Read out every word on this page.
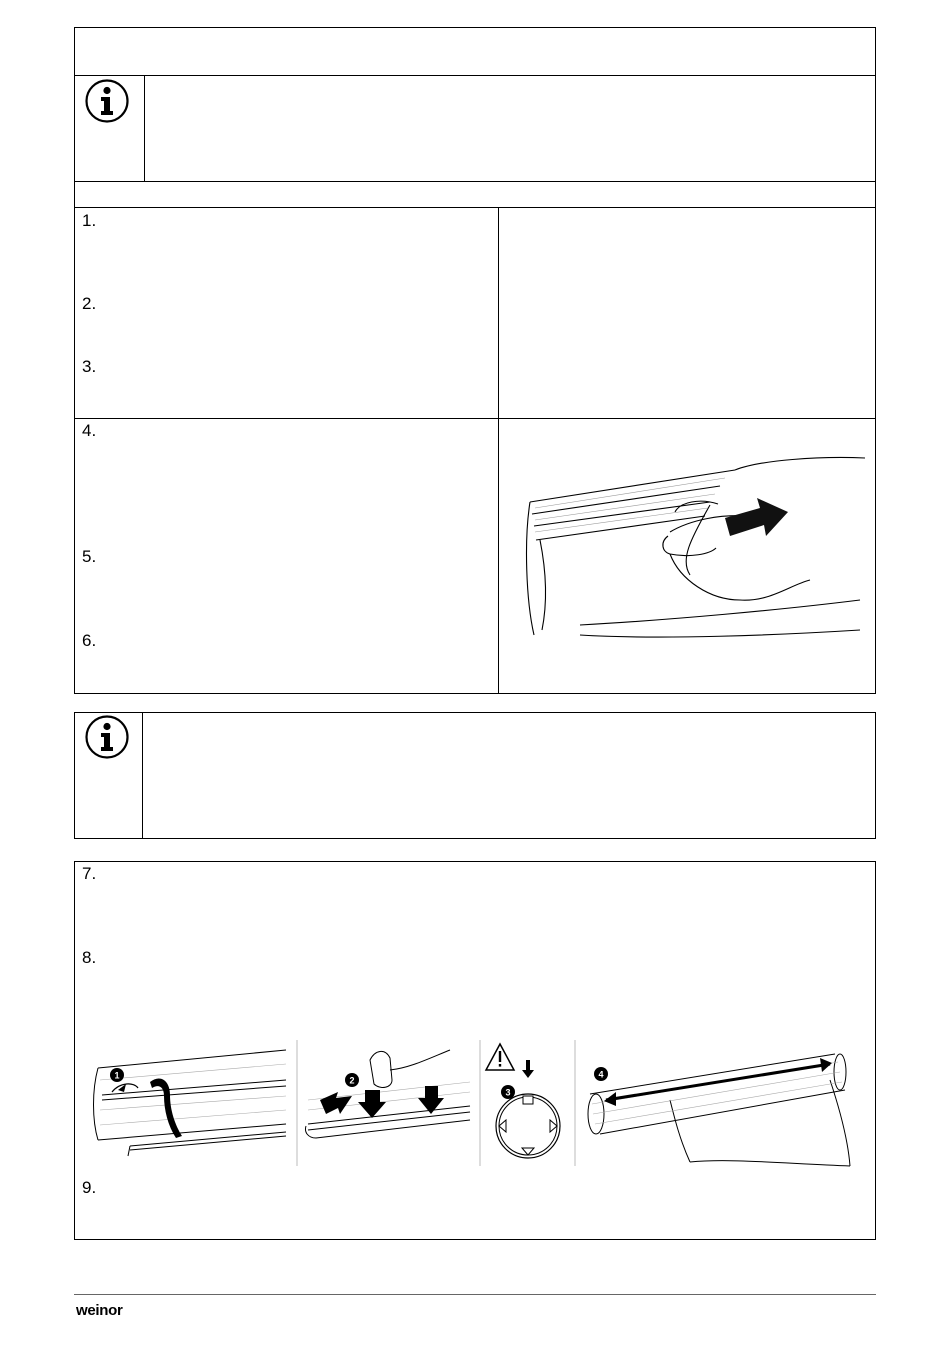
1.
2.
3.
4.
5.
6.
7.
8.
9.
1	2
3
4
weinor
